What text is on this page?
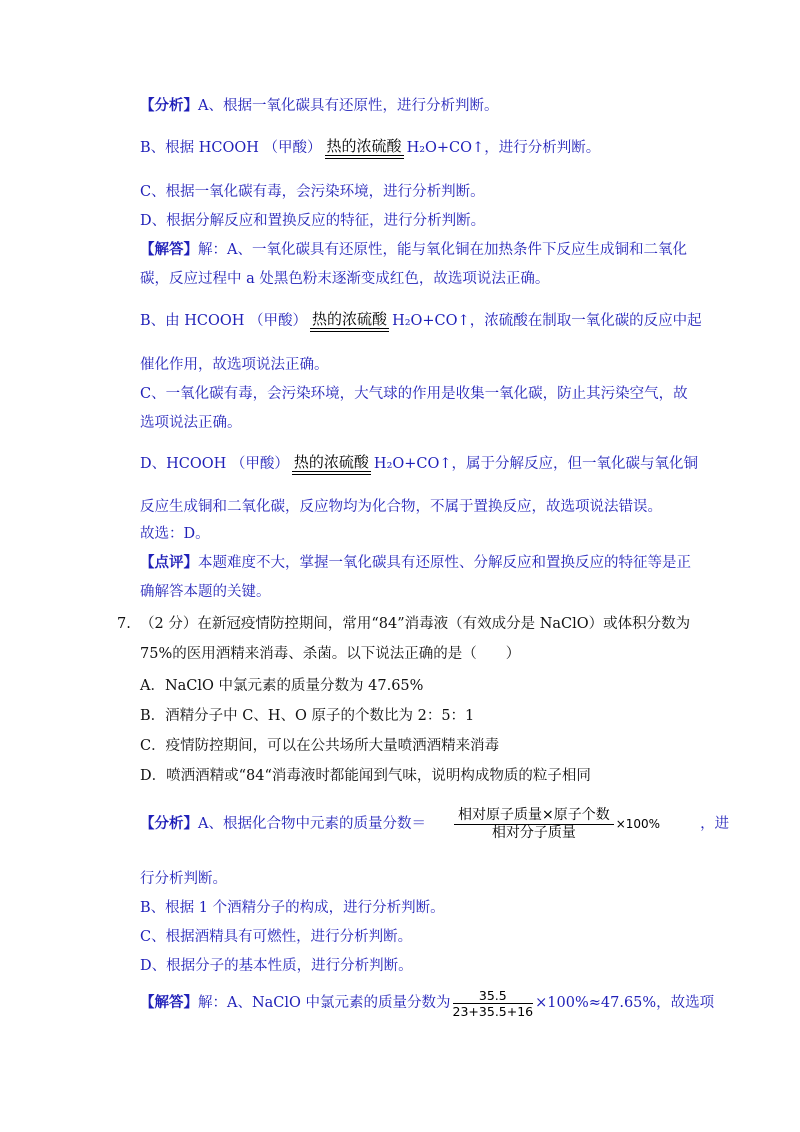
【分析】A、根据一氧化碳具有还原性，进行分析判断。
B、根据 HCOOH （甲酸） 热的浓硫酸 H₂O+CO↑，进行分析判断。
C、根据一氧化碳有毒，会污染环境，进行分析判断。
D、根据分解反应和置换反应的特征，进行分析判断。
【解答】解：A、一氧化碳具有还原性，能与氧化铜在加热条件下反应生成铜和二氧化
碳，反应过程中 a 处黑色粉末逐渐变成红色，故选项说法正确。
B、由 HCOOH （甲酸） 热的浓硫酸 H₂O+CO↑，浓硫酸在制取一氧化碳的反应中起
催化作用，故选项说法正确。
C、一氧化碳有毒，会污染环境，大气球的作用是收集一氧化碳，防止其污染空气，故
选项说法正确。
D、HCOOH （甲酸） 热的浓硫酸 H₂O+CO↑，属于分解反应，但一氧化碳与氧化铜
反应生成铜和二氧化碳，反应物均为化合物，不属于置换反应，故选项说法错误。
故选：D。
【点评】本题难度不大，掌握一氧化碳具有还原性、分解反应和置换反应的特征等是正
确解答本题的关键。
7. （2 分）在新冠疫情防控期间，常用“84”消毒液（有效成分是 NaClO）或体积分数为
75%的医用酒精来消毒、杀菌。以下说法正确的是（　　）
A．NaClO 中氯元素的质量分数为 47.65%
B．酒精分子中 C、H、O 原子的个数比为 2：5：1
C．疫情防控期间，可以在公共场所大量喷洒酒精来消毒
D．喷洒酒精或“84“消毒液时都能闻到气味，说明构成物质的粒子相同
【分析】A、根据化合物中元素的质量分数＝ $\frac{\text{相对原子质量×原子个数}}{\text{相对分子质量}} \times 100\%$	，进
行分析判断。
B、根据 1 个酒精分子的构成，进行分析判断。
C、根据酒精具有可燃性，进行分析判断。
D、根据分子的基本性质，进行分析判断。
【解答】解：A、NaClO 中氯元素的质量分数为 $\frac{35.5}{23+35.5+16} \times 100\%\approx 47.65\%$，故选项
